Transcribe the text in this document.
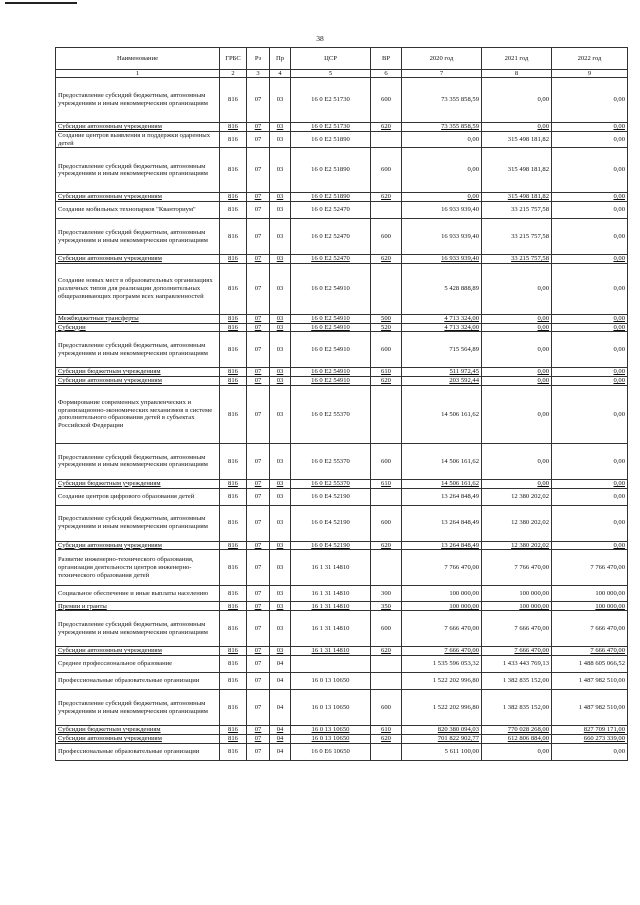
38
Наименование	ГРБС	Рз	Пр	ЦСР	ВР	2020 год	2021 год	2022 год
1	2	3	4	5	6	7	8	9
Предоставление субсидий бюджетным, автономным учреждениям и иным некоммерческим организациям	816	07	03	16 0 E2 51730	600	73 355 858,59	0,00	0,00
Субсидии автономным учреждениям	816	07	03	16 0 E2 51730	620	73 355 858,59	0,00	0,00
Создание центров выявления и поддержки одаренных детей	816	07	03	16 0 E2 51890		0,00	315 498 181,82	0,00
Предоставление субсидий бюджетным, автономным учреждениям и иным некоммерческим организациям	816	07	03	16 0 E2 51890	600	0,00	315 498 181,82	0,00
Субсидии автономным учреждениям	816	07	03	16 0 E2 51890	620	0,00	315 498 181,82	0,00
Создание мобильных технопарков "Кванториум"	816	07	03	16 0 E2 52470		16 933 939,40	33 215 757,58	0,00
Предоставление субсидий бюджетным, автономным учреждениям и иным некоммерческим организациям	816	07	03	16 0 E2 52470	600	16 933 939,40	33 215 757,58	0,00
Субсидии автономным учреждениям	816	07	03	16 0 E2 52470	620	16 933 939,40	33 215 757,58	0,00
Создание новых мест в образовательных организациях различных типов для реализации дополнительных общеразвивающих программ всех направленностей	816	07	03	16 0 E2 54910		5 428 888,89	0,00	0,00
Межбюджетные трансферты	816	07	03	16 0 E2 54910	500	4 713 324,00	0,00	0,00
Субсидии	816	07	03	16 0 E2 54910	520	4 713 324,00	0,00	0,00
Предоставление субсидий бюджетным, автономным учреждениям и иным некоммерческим организациям	816	07	03	16 0 E2 54910	600	715 564,89	0,00	0,00
Субсидии бюджетным учреждениям	816	07	03	16 0 E2 54910	610	511 972,45	0,00	0,00
Субсидии автономным учреждениям	816	07	03	16 0 E2 54910	620	203 592,44	0,00	0,00
Формирование современных управленческих и организационно-экономических механизмов в системе дополнительного образования детей в субъектах Российской Федерации	816	07	03	16 0 E2 55370		14 506 161,62	0,00	0,00
Предоставление субсидий бюджетным, автономным учреждениям и иным некоммерческим организациям	816	07	03	16 0 E2 55370	600	14 506 161,62	0,00	0,00
Субсидии бюджетным учреждениям	816	07	03	16 0 E2 55370	610	14 506 161,62	0,00	0,00
Создание центров цифрового образования детей	816	07	03	16 0 E4 52190		13 264 848,49	12 380 202,02	0,00
Предоставление субсидий бюджетным, автономным учреждениям и иным некоммерческим организациям	816	07	03	16 0 E4 52190	600	13 264 848,49	12 380 202,02	0,00
Субсидии автономным учреждениям	816	07	03	16 0 E4 52190	620	13 264 848,49	12 380 202,02	0,00
Развитие инженерно-технического образования, организация деятельности центров инженерно-технического образования детей	816	07	03	16 1 31 14810		7 766 470,00	7 766 470,00	7 766 470,00
Социальное обеспечение и иные выплаты населению	816	07	03	16 1 31 14810	300	100 000,00	100 000,00	100 000,00
Премии и гранты	816	07	03	16 1 31 14810	350	100 000,00	100 000,00	100 000,00
Предоставление субсидий бюджетным, автономным учреждениям и иным некоммерческим организациям	816	07	03	16 1 31 14810	600	7 666 470,00	7 666 470,00	7 666 470,00
Субсидии автономным учреждениям	816	07	03	16 1 31 14810	620	7 666 470,00	7 666 470,00	7 666 470,00
Среднее профессиональное образование	816	07	04			1 535 596 053,32	1 433 443 769,13	1 488 605 066,52
Профессиональные образовательные организации	816	07	04	16 0 13 10650		1 522 202 996,80	1 382 835 152,00	1 487 982 510,00
Предоставление субсидий бюджетным, автономным учреждениям и иным некоммерческим организациям	816	07	04	16 0 13 10650	600	1 522 202 996,80	1 382 835 152,00	1 487 982 510,00
Субсидии бюджетным учреждениям	816	07	04	16 0 13 10650	610	820 380 094,03	770 028 268,00	827 709 171,00
Субсидии автономным учреждениям	816	07	04	16 0 13 10650	620	701 822 902,77	612 806 884,00	660 273 339,00
Профессиональные образовательные организации	816	07	04	16 0 E6 10650		5 611 100,00	0,00	0,00
